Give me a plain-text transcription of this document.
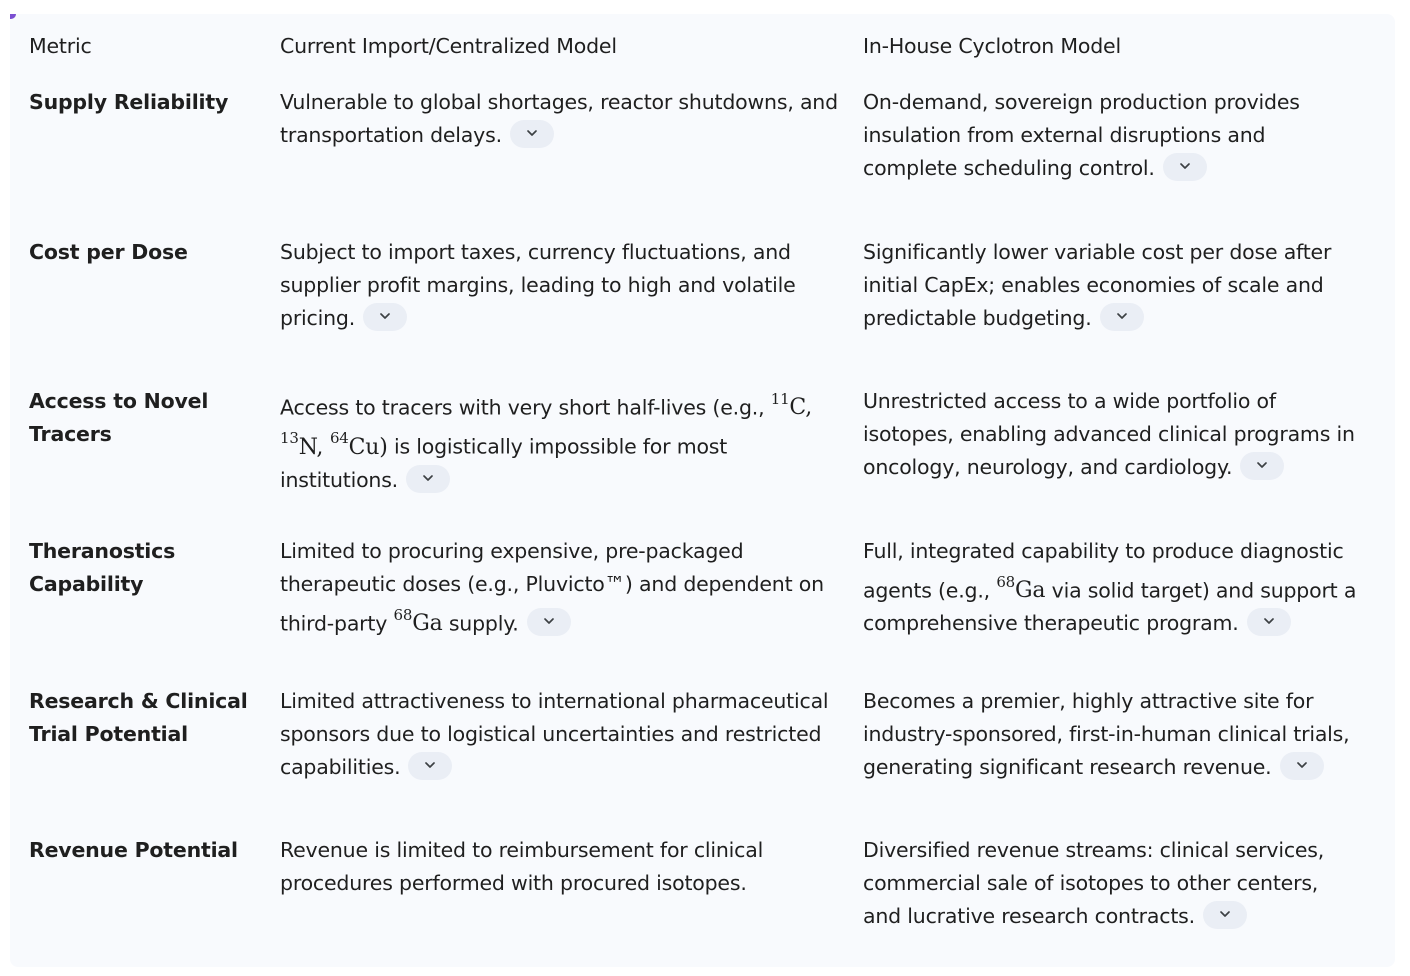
Metric	Current Import/Centralized Model	In-House Cyclotron Model
Supply Reliability	Vulnerable to global shortages, reactor shutdowns, and transportation delays.	On-demand, sovereign production provides insulation from external disruptions and complete scheduling control.

Cost per Dose	Subject to import taxes, currency fluctuations, and supplier profit margins, leading to high and volatile pricing.	Significantly lower variable cost per dose after initial CapEx; enables economies of scale and predictable budgeting.

Access to Novel Tracers	Access to tracers with very short half-lives (e.g., $^{11}$C, $^{13}$N, $^{64}$Cu) is logistically impossible for most institutions.	Unrestricted access to a wide portfolio of isotopes, enabling advanced clinical programs in oncology, neurology, and cardiology.

Theranostics Capability	Limited to procuring expensive, pre-packaged therapeutic doses (e.g., Pluvicto™) and dependent on third-party $^{68}$Ga supply.	Full, integrated capability to produce diagnostic agents (e.g., $^{68}$Ga via solid target) and support a comprehensive therapeutic program.

Research & Clinical Trial Potential	Limited attractiveness to international pharmaceutical sponsors due to logistical uncertainties and restricted capabilities.	Becomes a premier, highly attractive site for industry-sponsored, first-in-human clinical trials, generating significant research revenue.

Revenue Potential	Revenue is limited to reimbursement for clinical procedures performed with procured isotopes.	Diversified revenue streams: clinical services, commercial sale of isotopes to other centers, and lucrative research contracts.
